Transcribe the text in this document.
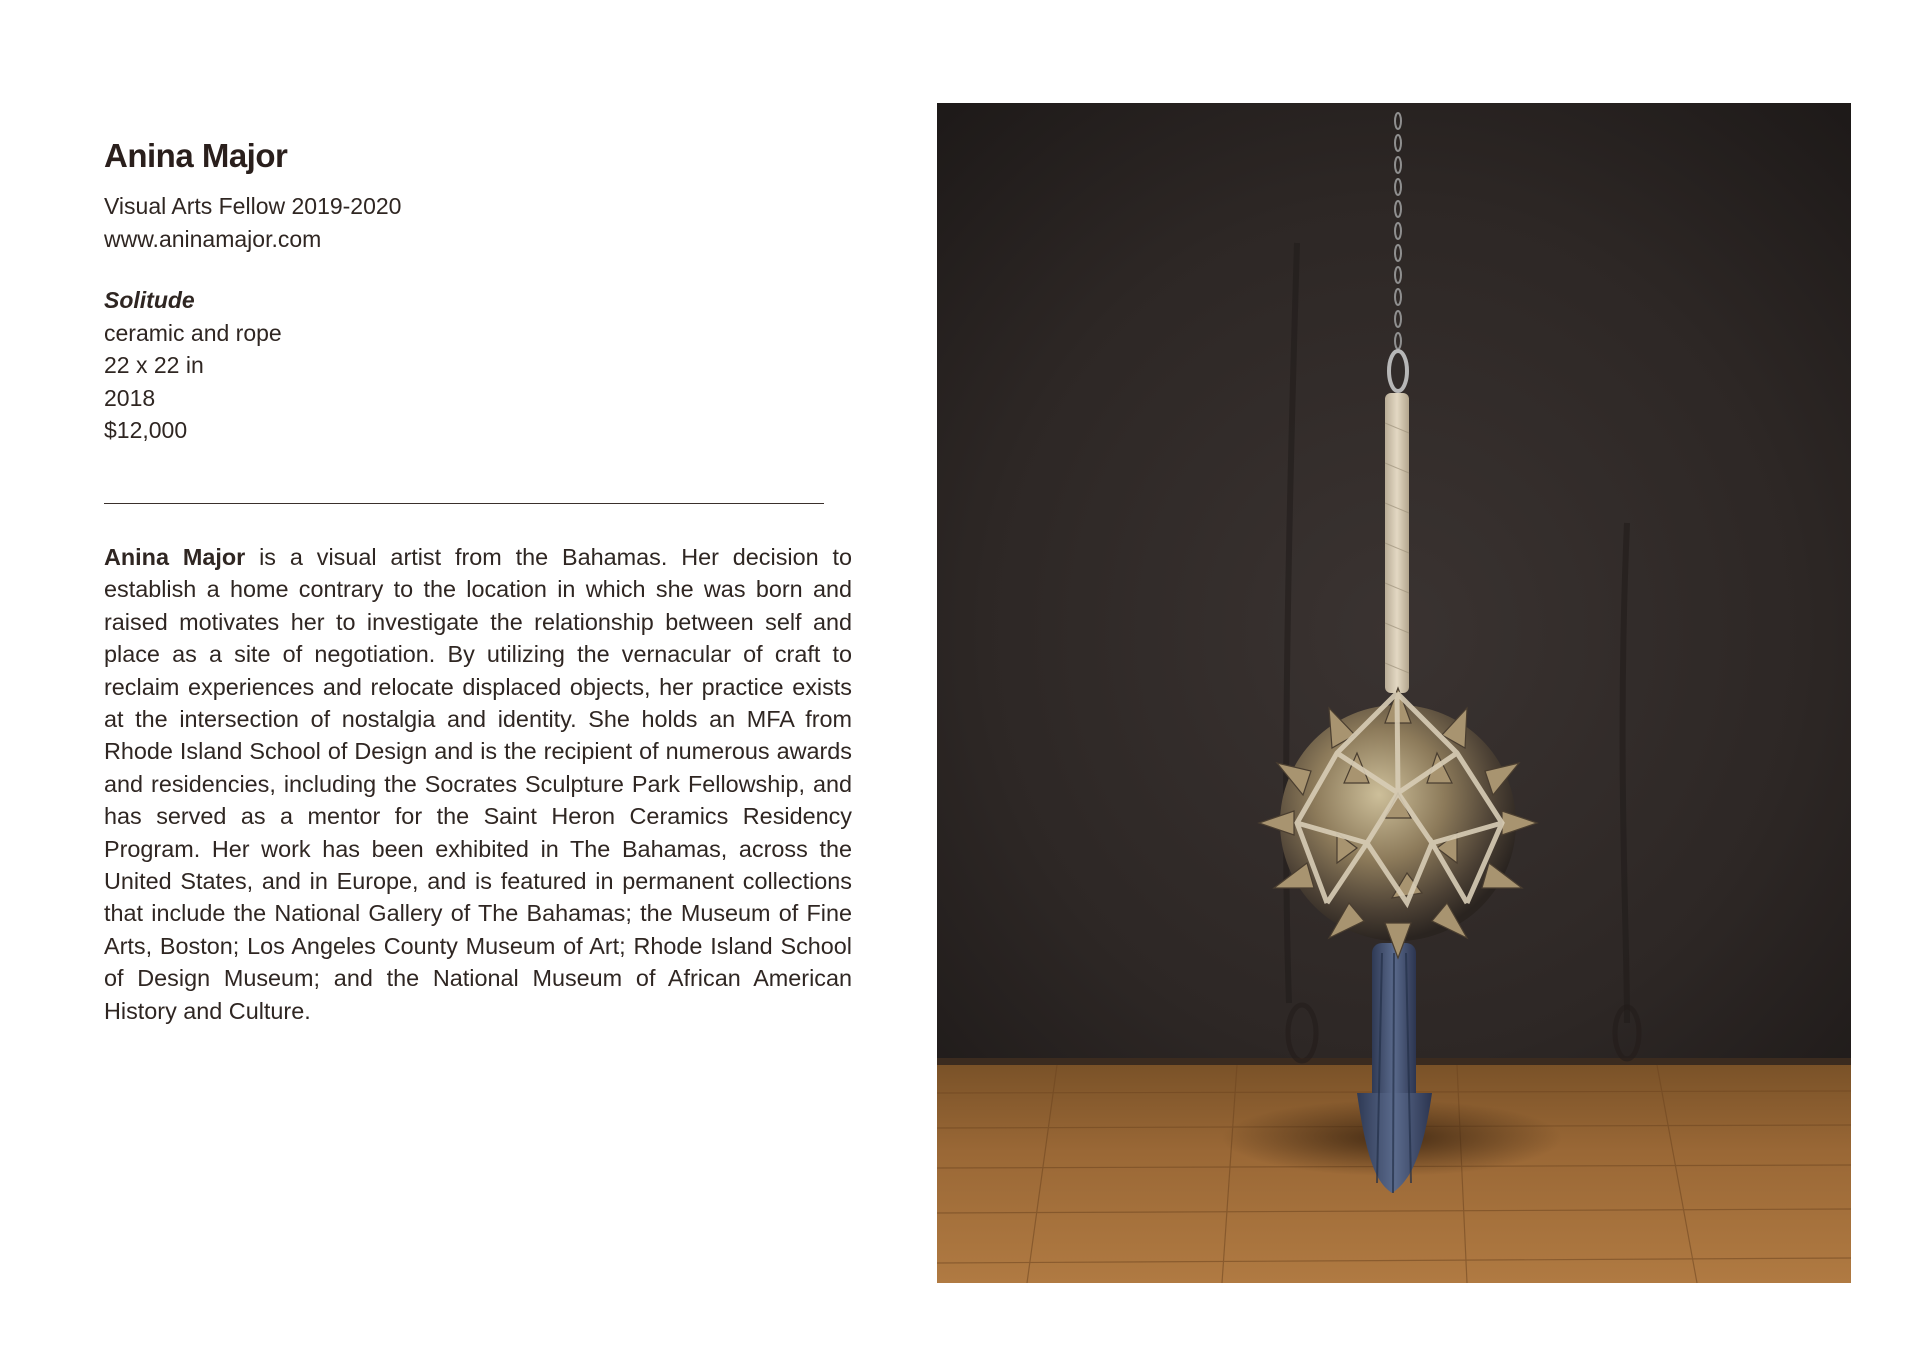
Anina Major

Visual Arts Fellow 2019-2020

www.aninamajor.com

Solitude

ceramic and rope

22 x 22 in

2018

$12,000

Anina Major is a visual artist from the Bahamas. Her decision to establish a home contrary to the location in which she was born and raised motivates her to investigate the relationship between self and place as a site of negotiation. By utilizing the vernacular of craft to reclaim experiences and relocate displaced objects, her practice exists at the intersection of nostalgia and identity. She holds an MFA from Rhode Island School of Design and is the recipient of numerous awards and residencies, including the Socrates Sculpture Park Fellowship, and has served as a mentor for the Saint Heron Ceramics Residency Program. Her work has been exhibited in The Bahamas, across the United States, and in Europe, and is featured in permanent collections that include the National Gallery of The Bahamas; the Museum of Fine Arts, Boston; Los Angeles County Museum of Art; Rhode Island School of Design Museum; and the National Museum of African American History and Culture.
